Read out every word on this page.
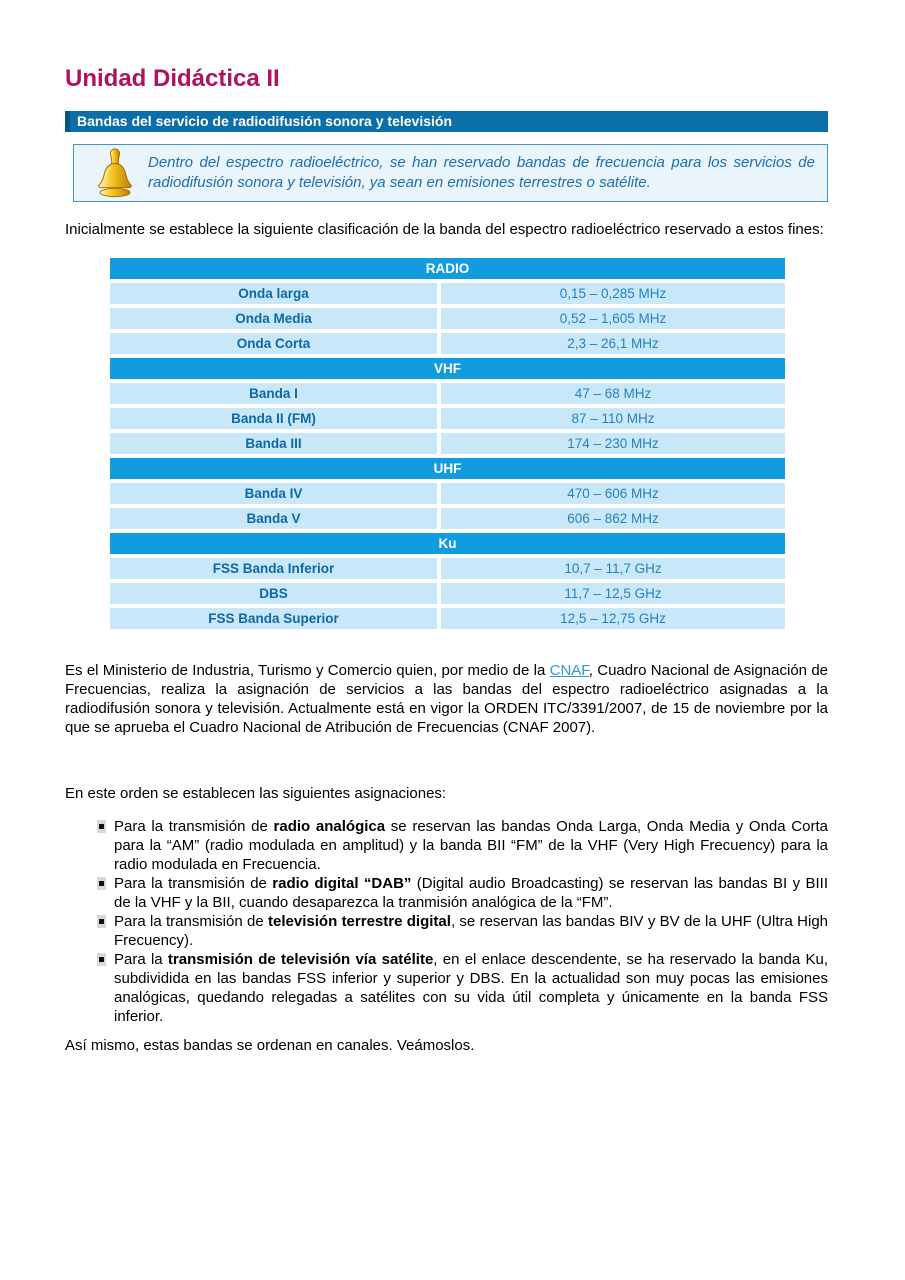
Unidad Didáctica II
Bandas del servicio de radiodifusión sonora y televisión

Dentro del espectro radioeléctrico, se han reservado bandas de frecuencia para los servicios de radiodifusión sonora y televisión, ya sean en emisiones terrestres o satélite.

Inicialmente se establece la siguiente clasificación de la banda del espectro radioeléctrico reservado a estos fines:

RADIO
Onda larga	0,15 – 0,285 MHz
Onda Media	0,52 – 1,605 MHz
Onda Corta	2,3 – 26,1 MHz
VHF
Banda I	47 – 68 MHz
Banda II (FM)	87 – 110 MHz
Banda III	174 – 230 MHz
UHF
Banda IV	470 – 606 MHz
Banda V	606 – 862 MHz
Ku
FSS Banda Inferior	10,7 – 11,7 GHz
DBS	11,7 – 12,5 GHz
FSS Banda Superior	12,5 – 12,75 GHz

Es el Ministerio de Industria, Turismo y Comercio quien, por medio de la CNAF, Cuadro Nacional de Asignación de Frecuencias, realiza la asignación de servicios a las bandas del espectro radioeléctrico asignadas a la radiodifusión sonora y televisión. Actualmente está en vigor la ORDEN ITC/3391/2007, de 15 de noviembre por la que se aprueba el Cuadro Nacional de Atribución de Frecuencias (CNAF 2007).

En este orden se establecen las siguientes asignaciones:

Para la transmisión de radio analógica se reservan las bandas Onda Larga, Onda Media y Onda Corta para la “AM” (radio modulada en amplitud) y la banda BII “FM” de la VHF (Very High Frecuency) para la radio modulada en Frecuencia.
Para la transmisión de radio digital “DAB” (Digital audio Broadcasting) se reservan las bandas BI y BIII de la VHF y la BII, cuando desaparezca la tranmisión analógica de la “FM”.
Para la transmisión de televisión terrestre digital, se reservan las bandas BIV y BV de la UHF (Ultra High Frecuency).
Para la transmisión de televisión vía satélite, en el enlace descendente, se ha reservado la banda Ku, subdividida en las bandas FSS inferior y superior y DBS. En la actualidad son muy pocas las emisiones analógicas, quedando relegadas a satélites con su vida útil completa y únicamente en la banda FSS inferior.

Así mismo, estas bandas se ordenan en canales. Veámoslos.
